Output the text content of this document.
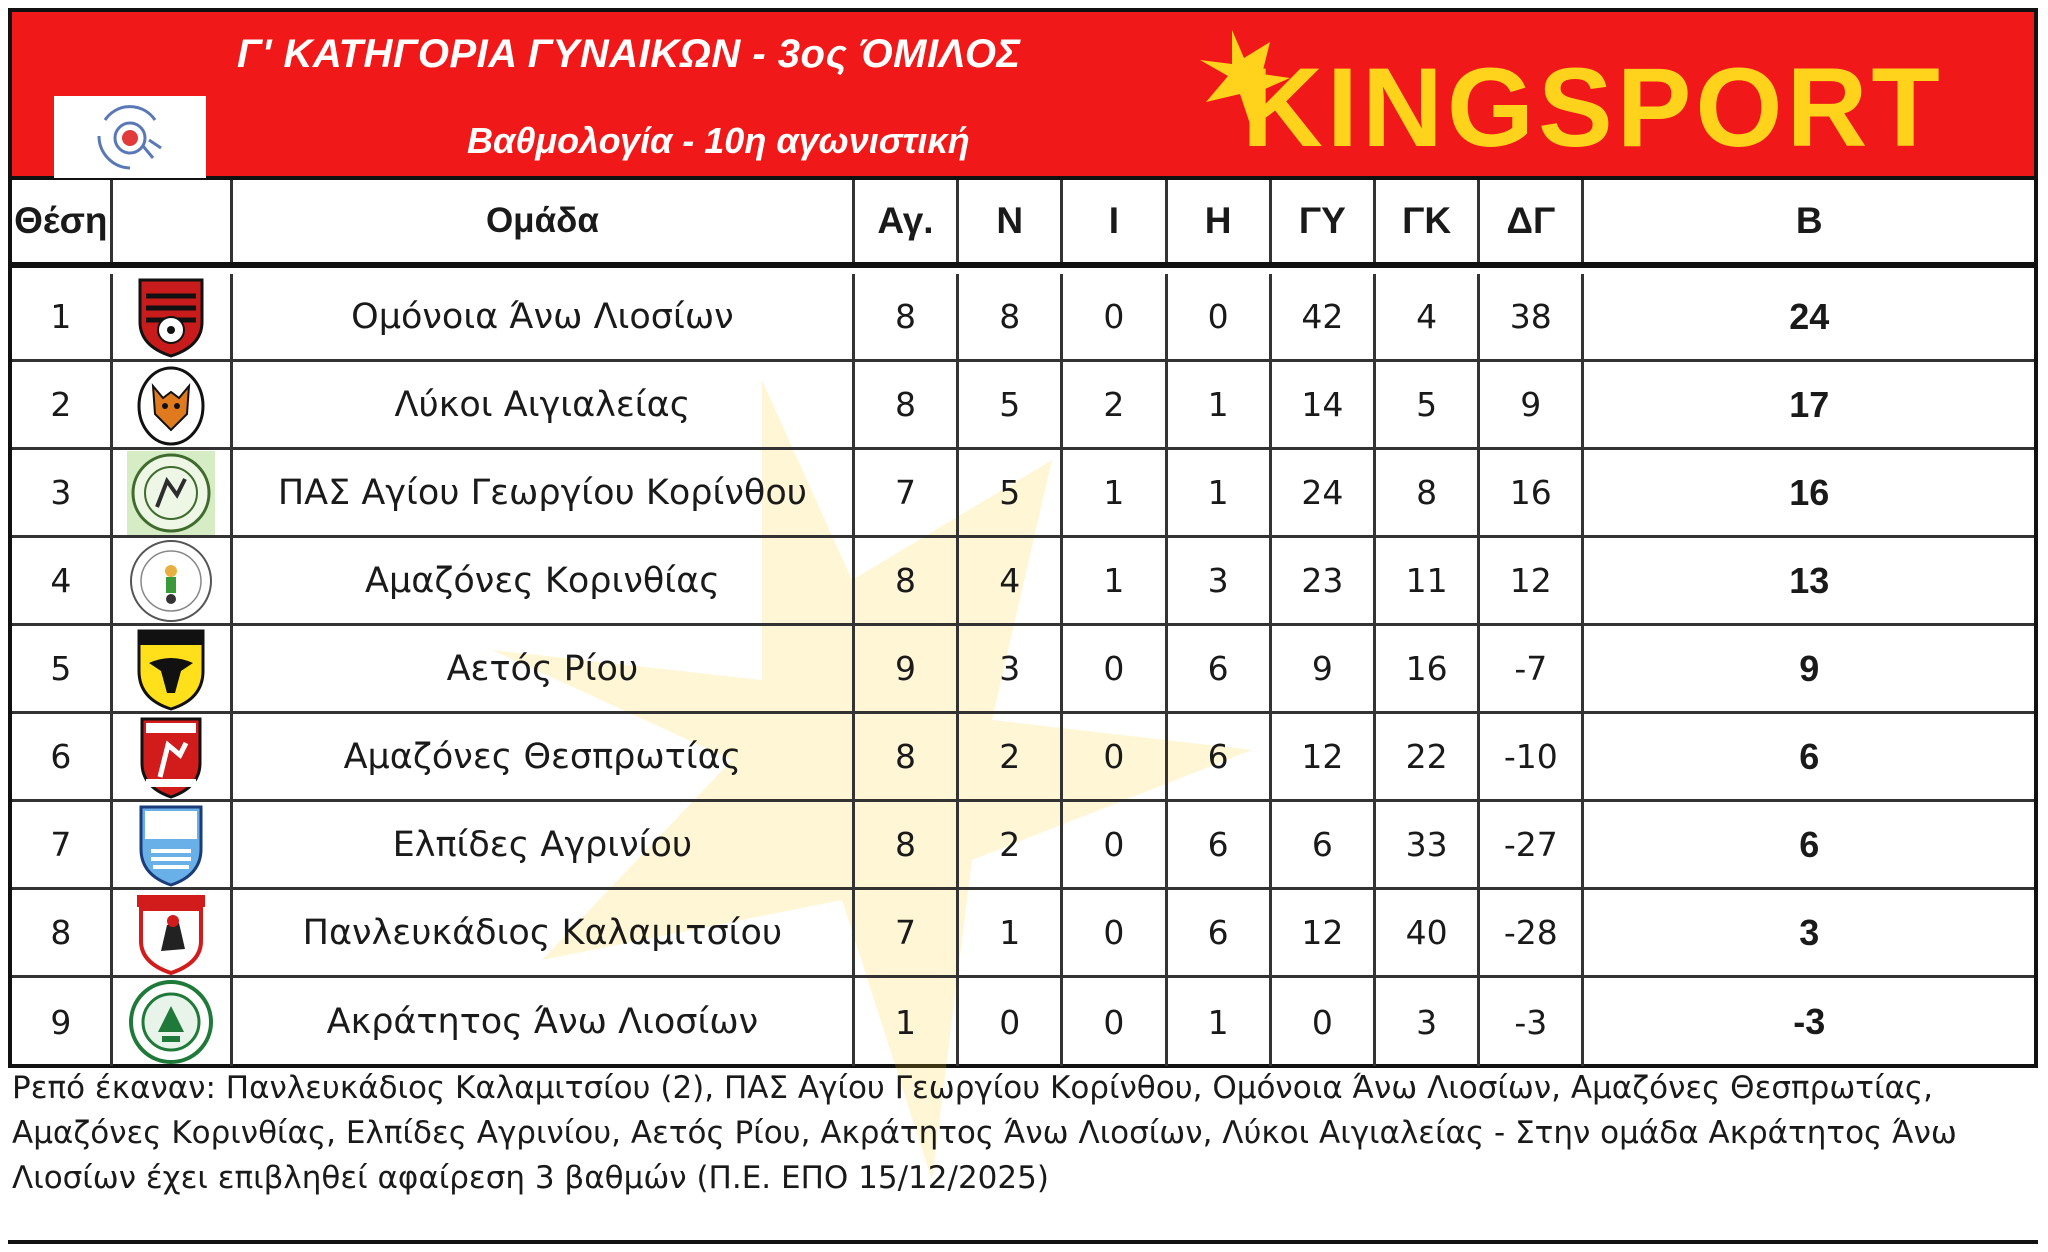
Γ' ΚΑΤΗΓΟΡΙΑ ΓΥΝΑΙΚΩΝ - 3ος ΌΜΙΛΟΣ
Βαθμολογία - 10η αγωνιστική KINGSPORT
Θέση	Ομάδα	Αγ.	Ν	Ι	Η	ΓΥ	ΓΚ	ΔΓ	Β
1	Ομόνοια Άνω Λιοσίων	8	8	0	0	42	4	38	24
2	Λύκοι Αιγιαλείας	8	5	2	1	14	5	9	17
3	ΠΑΣ Αγίου Γεωργίου Κορίνθου	7	5	1	1	24	8	16	16
4	Αμαζόνες Κορινθίας	8	4	1	3	23	11	12	13
5	Αετός Ρίου	9	3	0	6	9	16	-7	9
6	Αμαζόνες Θεσπρωτίας	8	2	0	6	12	22	-10	6
7	Ελπίδες Αγρινίου	8	2	0	6	6	33	-27	6
8	Πανλευκάδιος Καλαμιτσίου	7	1	0	6	12	40	-28	3
9	Ακράτητος Άνω Λιοσίων	1	0	0	1	0	3	-3	-3
Ρεπό έκαναν: Πανλευκάδιος Καλαμιτσίου (2), ΠΑΣ Αγίου Γεωργίου Κορίνθου, Ομόνοια Άνω Λιοσίων, Αμαζόνες Θεσπρωτίας, Αμαζόνες Κορινθίας, Ελπίδες Αγρινίου, Αετός Ρίου, Ακράτητος Άνω Λιοσίων, Λύκοι Αιγιαλείας - Στην ομάδα Ακράτητος Άνω Λιοσίων έχει επιβληθεί αφαίρεση 3 βαθμών (Π.Ε. ΕΠΟ 15/12/2025)
